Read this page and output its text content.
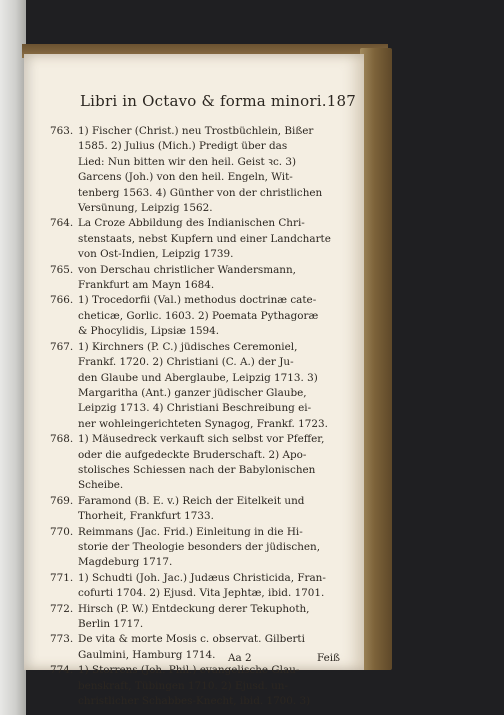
Libri in Octavo & forma minori. 187
763. 1) Fischer (Christ.) neu Trostbüchlein, Bißer
1585. 2) Julius (Mich.) Predigt über das
Lied: Nun bitten wir den heil. Geist ꝛc. 3)
Garcens (Joh.) von den heil. Engeln, Wit-
tenberg 1563. 4) Günther von der christlichen
Versünung, Leipzig 1562.
764. La Croze Abbildung des Indianischen Chri-
stenstaats, nebst Kupfern und einer Landcharte
von Ost-Indien, Leipzig 1739.
765. von Derschau christlicher Wandersmann,
Frankfurt am Mayn 1684.
766. 1) Trocedorfii (Val.) methodus doctrinæ cate-
cheticæ, Gorlic. 1603. 2) Poemata Pythagoræ
& Phocylidis, Lipsiæ 1594.
767. 1) Kirchners (P. C.) jüdisches Ceremoniel,
Frankf. 1720. 2) Christiani (C. A.) der Ju-
den Glaube und Aberglaube, Leipzig 1713. 3)
Margaritha (Ant.) ganzer jüdischer Glaube,
Leipzig 1713. 4) Christiani Beschreibung ei-
ner wohleingerichteten Synagog, Frankf. 1723.
768. 1) Mäusedreck verkauft sich selbst vor Pfeffer,
oder die aufgedeckte Bruderschaft. 2) Apo-
stolisches Schiessen nach der Babylonischen
Scheibe.
769. Faramond (B. E. v.) Reich der Eitelkeit und
Thorheit, Frankfurt 1733.
770. Reimmans (Jac. Frid.) Einleitung in die Hi-
storie der Theologie besonders der jüdischen,
Magdeburg 1717.
771. 1) Schudti (Joh. Jac.) Judæus Christicida, Fran-
cofurti 1704. 2) Ejusd. Vita Jephtæ, ibid. 1701.
772. Hirsch (P. W.) Entdeckung derer Tekuphoth,
Berlin 1717.
773. De vita & morte Mosis c. observat. Gilberti
Gaulmini, Hamburg 1714.
774. 1) Storrens (Joh. Phil.) evangelische Glau-
benskraft, Tübingen 1710. 2) Ejusd. un-
christlicher Schabbes-Knecht, ibid. 1700. 3)
Aa 2	Feiß
